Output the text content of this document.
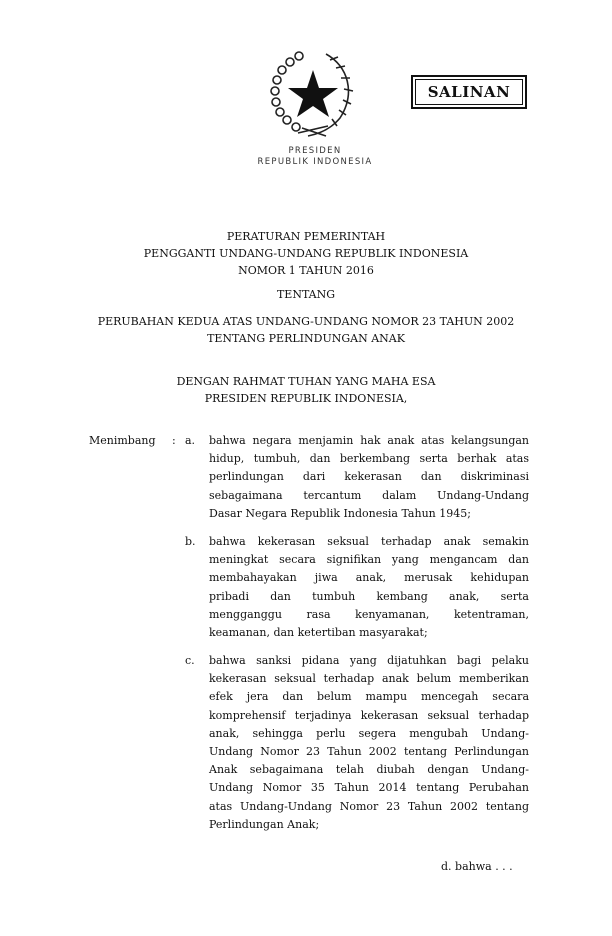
PRESIDEN
REPUBLIK INDONESIA
SALINAN
PERATURAN PEMERINTAH
PENGGANTI UNDANG-UNDANG REPUBLIK INDONESIA
NOMOR 1 TAHUN 2016
TENTANG
PERUBAHAN KEDUA ATAS UNDANG-UNDANG NOMOR 23 TAHUN 2002
TENTANG PERLINDUNGAN ANAK
DENGAN RAHMAT TUHAN YANG MAHA ESA
PRESIDEN REPUBLIK INDONESIA,
Menimbang : a. bahwa negara menjamin hak anak atas kelangsungan
hidup, tumbuh, dan berkembang serta berhak atas
perlindungan dari kekerasan dan diskriminasi
sebagaimana tercantum dalam Undang-Undang
Dasar Negara Republik Indonesia Tahun 1945;
b. bahwa kekerasan seksual terhadap anak semakin
meningkat secara signifikan yang mengancam dan
membahayakan jiwa anak, merusak kehidupan
pribadi dan tumbuh kembang anak, serta
mengganggu rasa kenyamanan, ketentraman,
keamanan, dan ketertiban masyarakat;
c. bahwa sanksi pidana yang dijatuhkan bagi pelaku
kekerasan seksual terhadap anak belum memberikan
efek jera dan belum mampu mencegah secara
komprehensif terjadinya kekerasan seksual terhadap
anak, sehingga perlu segera mengubah Undang-
Undang Nomor 23 Tahun 2002 tentang Perlindungan
Anak sebagaimana telah diubah dengan Undang-
Undang Nomor 35 Tahun 2014 tentang Perubahan
atas Undang-Undang Nomor 23 Tahun 2002 tentang
Perlindungan Anak;
d. bahwa . . .
